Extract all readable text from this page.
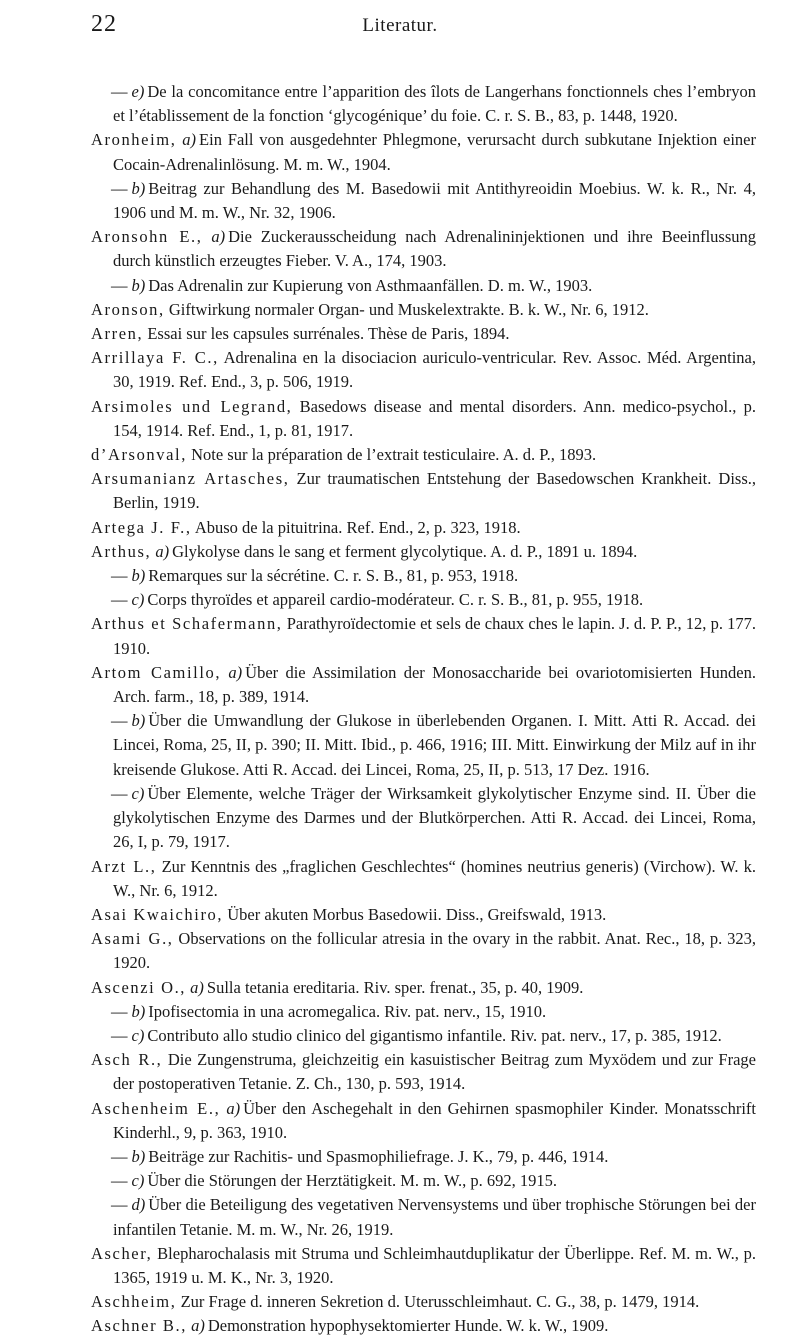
22	Literatur.
— e) De la concomitance entre l’apparition des îlots de Langerhans fonctionnels ches l’embryon et l’établissement de la fonction ‘glycogénique’ du foie. C. r. S. B., 83, p. 1448, 1920.
Aronheim, a) Ein Fall von ausgedehnter Phlegmone, verursacht durch subkutane Injektion einer Cocain-Adrenalinlösung. M. m. W., 1904.
— b) Beitrag zur Behandlung des M. Basedowii mit Antithyreoidin Moebius. W. k. R., Nr. 4, 1906 und M. m. W., Nr. 32, 1906.
Aronsohn E., a) Die Zuckerausscheidung nach Adrenalininjektionen und ihre Beeinflussung durch künstlich erzeugtes Fieber. V. A., 174, 1903.
— b) Das Adrenalin zur Kupierung von Asthmaanfällen. D. m. W., 1903.
Aronson, Giftwirkung normaler Organ- und Muskelextrakte. B. k. W., Nr. 6, 1912.
Arren, Essai sur les capsules surrénales. Thèse de Paris, 1894.
Arrillaya F. C., Adrenalina en la disociacion auriculo-ventricular. Rev. Assoc. Méd. Argentina, 30, 1919. Ref. End., 3, p. 506, 1919.
Arsimoles und Legrand, Basedows disease and mental disorders. Ann. medico-psychol., p. 154, 1914. Ref. End., 1, p. 81, 1917.
d’Arsonval, Note sur la préparation de l’extrait testiculaire. A. d. P., 1893.
Arsumanianz Artasches, Zur traumatischen Entstehung der Basedowschen Krankheit. Diss., Berlin, 1919.
Artega J. F., Abuso de la pituitrina. Ref. End., 2, p. 323, 1918.
Arthus, a) Glykolyse dans le sang et ferment glycolytique. A. d. P., 1891 u. 1894.
— b) Remarques sur la sécrétine. C. r. S. B., 81, p. 953, 1918.
— c) Corps thyroïdes et appareil cardio-modérateur. C. r. S. B., 81, p. 955, 1918.
Arthus et Schafermann, Parathyroïdectomie et sels de chaux ches le lapin. J. d. P. P., 12, p. 177. 1910.
Artom Camillo, a) Über die Assimilation der Monosaccharide bei ovariotomisierten Hunden. Arch. farm., 18, p. 389, 1914.
— b) Über die Umwandlung der Glukose in überlebenden Organen. I. Mitt. Atti R. Accad. dei Lincei, Roma, 25, II, p. 390; II. Mitt. Ibid., p. 466, 1916; III. Mitt. Einwirkung der Milz auf in ihr kreisende Glukose. Atti R. Accad. dei Lincei, Roma, 25, II, p. 513, 17 Dez. 1916.
— c) Über Elemente, welche Träger der Wirksamkeit glykolytischer Enzyme sind. II. Über die glykolytischen Enzyme des Darmes und der Blutkörperchen. Atti R. Accad. dei Lincei, Roma, 26, I, p. 79, 1917.
Arzt L., Zur Kenntnis des „fraglichen Geschlechtes“ (homines neutrius generis) (Virchow). W. k. W., Nr. 6, 1912.
Asai Kwaichiro, Über akuten Morbus Basedowii. Diss., Greifswald, 1913.
Asami G., Observations on the follicular atresia in the ovary in the rabbit. Anat. Rec., 18, p. 323, 1920.
Ascenzi O., a) Sulla tetania ereditaria. Riv. sper. frenat., 35, p. 40, 1909.
— b) Ipofisectomia in una acromegalica. Riv. pat. nerv., 15, 1910.
— c) Contributo allo studio clinico del gigantismo infantile. Riv. pat. nerv., 17, p. 385, 1912.
Asch R., Die Zungenstruma, gleichzeitig ein kasuistischer Beitrag zum Myxödem und zur Frage der postoperativen Tetanie. Z. Ch., 130, p. 593, 1914.
Aschenheim E., a) Über den Aschegehalt in den Gehirnen spasmophiler Kinder. Monatsschrift Kinderhl., 9, p. 363, 1910.
— b) Beiträge zur Rachitis- und Spasmophiliefrage. J. K., 79, p. 446, 1914.
— c) Über die Störungen der Herztätigkeit. M. m. W., p. 692, 1915.
— d) Über die Beteiligung des vegetativen Nervensystems und über trophische Störungen bei der infantilen Tetanie. M. m. W., Nr. 26, 1919.
Ascher, Blepharochalasis mit Struma und Schleimhautduplikatur der Überlippe. Ref. M. m. W., p. 1365, 1919 u. M. K., Nr. 3, 1920.
Aschheim, Zur Frage d. inneren Sekretion d. Uterusschleimhaut. C. G., 38, p. 1479, 1914.
Aschner B., a) Demonstration hypophysektomierter Hunde. W. k. W., 1909.
